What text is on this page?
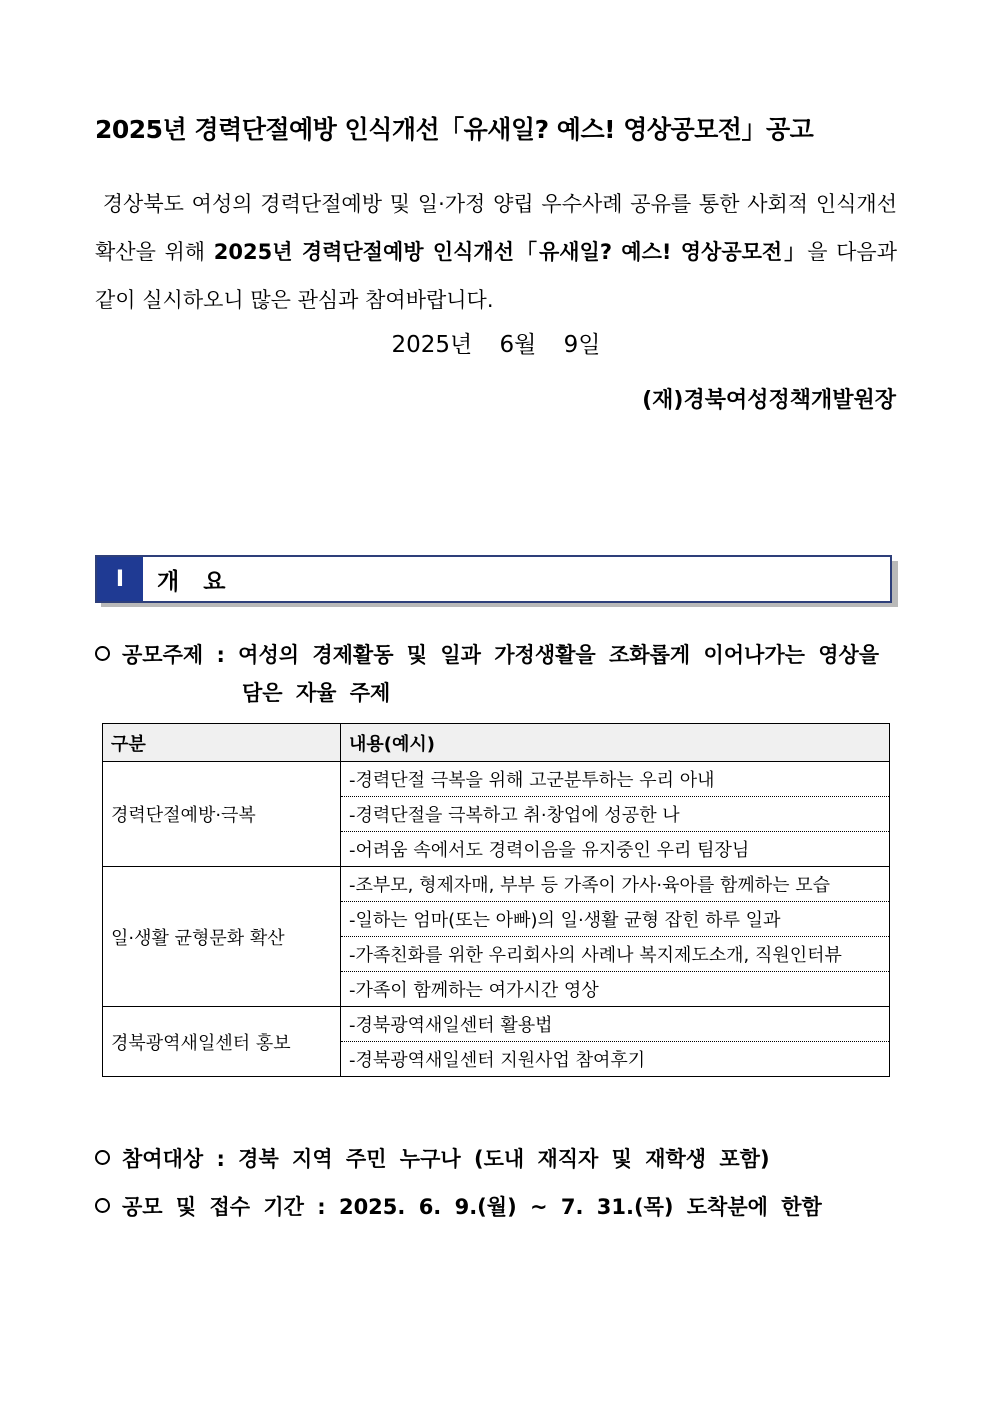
2025년 경력단절예방 인식개선「유새일? 예스! 영상공모전」공고

경상북도 여성의 경력단절예방 및 일·가정 양립 우수사례 공유를 통한 사회적 인식개선 확산을 위해 2025년 경력단절예방 인식개선「유새일? 예스! 영상공모전」을 다음과 같이 실시하오니 많은 관심과 참여바랍니다.

2025년 6월 9일
(재)경북여성정책개발원장
Ⅰ	개 요
공모주제 : 여성의 경제활동 및 일과 가정생활을 조화롭게 이어나가는 영상을
담은 자율 주제
구분	내용(예시)
경력단절예방·극복	-경력단절 극복을 위해 고군분투하는 우리 아내
	-경력단절을 극복하고 취·창업에 성공한 나
	-어려움 속에서도 경력이음을 유지중인 우리 팀장님
일·생활 균형문화 확산	-조부모, 형제자매, 부부 등 가족이 가사·육아를 함께하는 모습
	-일하는 엄마(또는 아빠)의 일·생활 균형 잡힌 하루 일과
	-가족친화를 위한 우리회사의 사례나 복지제도소개, 직원인터뷰
	-가족이 함께하는 여가시간 영상
경북광역새일센터 홍보	-경북광역새일센터 활용법
	-경북광역새일센터 지원사업 참여후기
참여대상 : 경북 지역 주민 누구나 (도내 재직자 및 재학생 포함)
공모 및 접수 기간 : 2025. 6. 9.(월) ~ 7. 31.(목) 도착분에 한함
